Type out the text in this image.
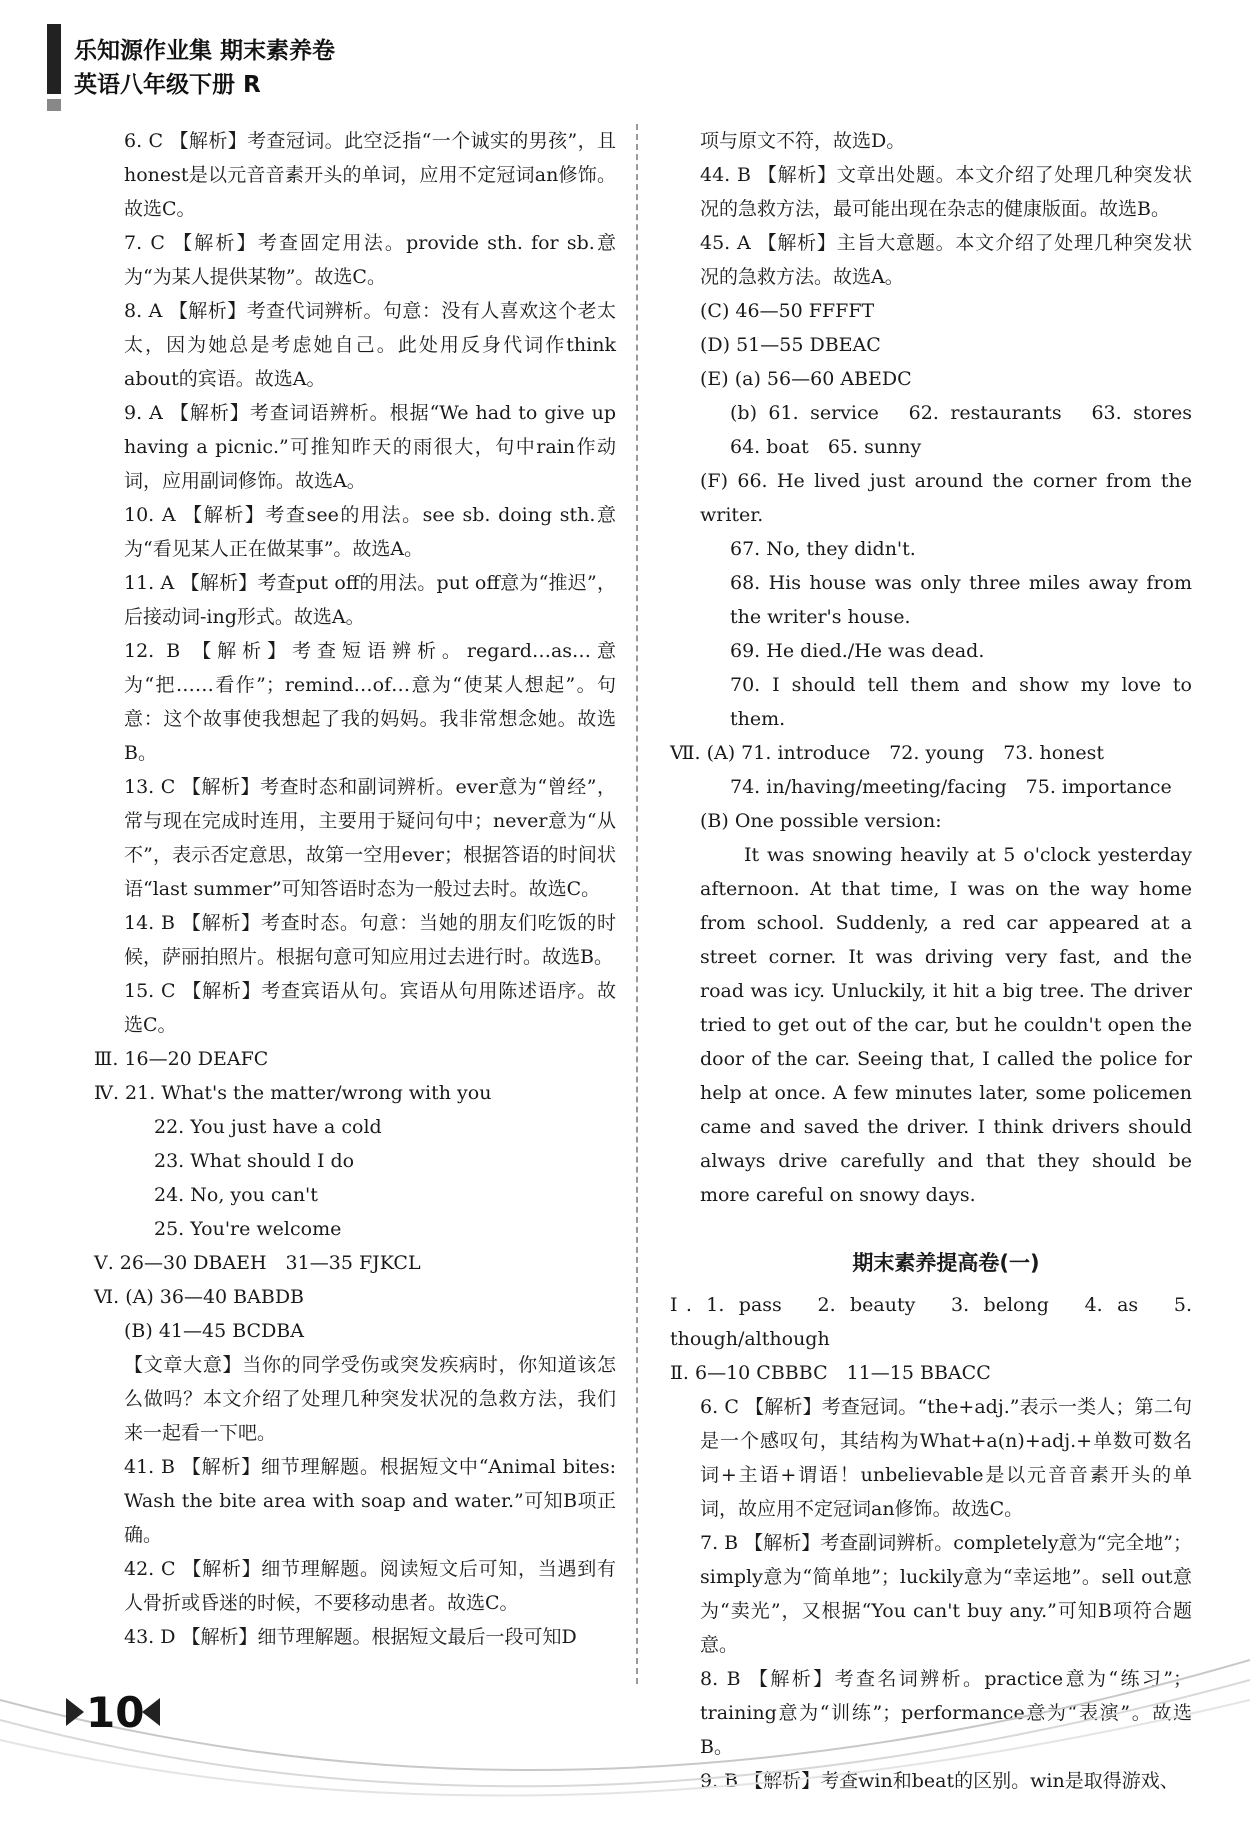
乐知源作业集 期末素养卷
英语八年级下册 R

6. C 【解析】考查冠词。此空泛指“一个诚实的男孩”，且honest是以元音音素开头的单词，应用不定冠词an修饰。故选C。

7. C 【解析】考查固定用法。provide sth. for sb.意为“为某人提供某物”。故选C。

8. A 【解析】考查代词辨析。句意：没有人喜欢这个老太太，因为她总是考虑她自己。此处用反身代词作think about的宾语。故选A。

9. A 【解析】考查词语辨析。根据“We had to give up having a picnic.”可推知昨天的雨很大，句中rain作动词，应用副词修饰。故选A。

10. A 【解析】考查see的用法。see sb. doing sth.意为“看见某人正在做某事”。故选A。

11. A 【解析】考查put off的用法。put off意为“推迟”，后接动词-ing形式。故选A。

12. B 【解析】考查短语辨析。regard…as…意为“把……看作”；remind…of…意为“使某人想起”。句意：这个故事使我想起了我的妈妈。我非常想念她。故选B。

13. C 【解析】考查时态和副词辨析。ever意为“曾经”，常与现在完成时连用，主要用于疑问句中；never意为“从不”，表示否定意思，故第一空用ever；根据答语的时间状语“last summer”可知答语时态为一般过去时。故选C。

14. B 【解析】考查时态。句意：当她的朋友们吃饭的时候，萨丽拍照片。根据句意可知应用过去进行时。故选B。

15. C 【解析】考查宾语从句。宾语从句用陈述语序。故选C。

Ⅲ. 16—20 DEAFC

Ⅳ. 21. What's the matter/wrong with you

22. You just have a cold

23. What should I do

24. No, you can't

25. You're welcome

Ⅴ. 26—30 DBAEH　31—35 FJKCL

Ⅵ. (A) 36—40 BABDB

(B) 41—45 BCDBA

【文章大意】当你的同学受伤或突发疾病时，你知道该怎么做吗？本文介绍了处理几种突发状况的急救方法，我们来一起看一下吧。

41. B 【解析】细节理解题。根据短文中“Animal bites: Wash the bite area with soap and water.”可知B项正确。

42. C 【解析】细节理解题。阅读短文后可知，当遇到有人骨折或昏迷的时候，不要移动患者。故选C。

43. D 【解析】细节理解题。根据短文最后一段可知D

项与原文不符，故选D。

44. B 【解析】文章出处题。本文介绍了处理几种突发状况的急救方法，最可能出现在杂志的健康版面。故选B。

45. A 【解析】主旨大意题。本文介绍了处理几种突发状况的急救方法。故选A。

(C) 46—50 FFFFT

(D) 51—55 DBEAC

(E) (a) 56—60 ABEDC

(b) 61. service　62. restaurants　63. stores　64. boat　65. sunny

(F) 66. He lived just around the corner from the writer.

67. No, they didn't.

68. His house was only three miles away from the writer's house.

69. He died./He was dead.

70. I should tell them and show my love to them.

Ⅶ. (A) 71. introduce　72. young　73. honest

74. in/having/meeting/facing　75. importance

(B) One possible version:

It was snowing heavily at 5 o'clock yesterday afternoon. At that time, I was on the way home from school. Suddenly, a red car appeared at a street corner. It was driving very fast, and the road was icy. Unluckily, it hit a big tree. The driver tried to get out of the car, but he couldn't open the door of the car. Seeing that, I called the police for help at once. A few minutes later, some policemen came and saved the driver. I think drivers should always drive carefully and that they should be more careful on snowy days.

期末素养提高卷(一)

Ⅰ. 1. pass　2. beauty　3. belong　4. as　5. though/although

Ⅱ. 6—10 CBBBC　11—15 BBACC

6. C 【解析】考查冠词。“the+adj.”表示一类人；第二句是一个感叹句，其结构为What+a(n)+adj.+单数可数名词+主语+谓语！unbelievable是以元音音素开头的单词，故应用不定冠词an修饰。故选C。

7. B 【解析】考查副词辨析。completely意为“完全地”；simply意为“简单地”；luckily意为“幸运地”。sell out意为“卖光”，又根据“You can't buy any.”可知B项符合题意。

8. B 【解析】考查名词辨析。practice意为“练习”；training意为“训练”；performance意为“表演”。故选B。

9. B 【解析】考查win和beat的区别。win是取得游戏、

10
